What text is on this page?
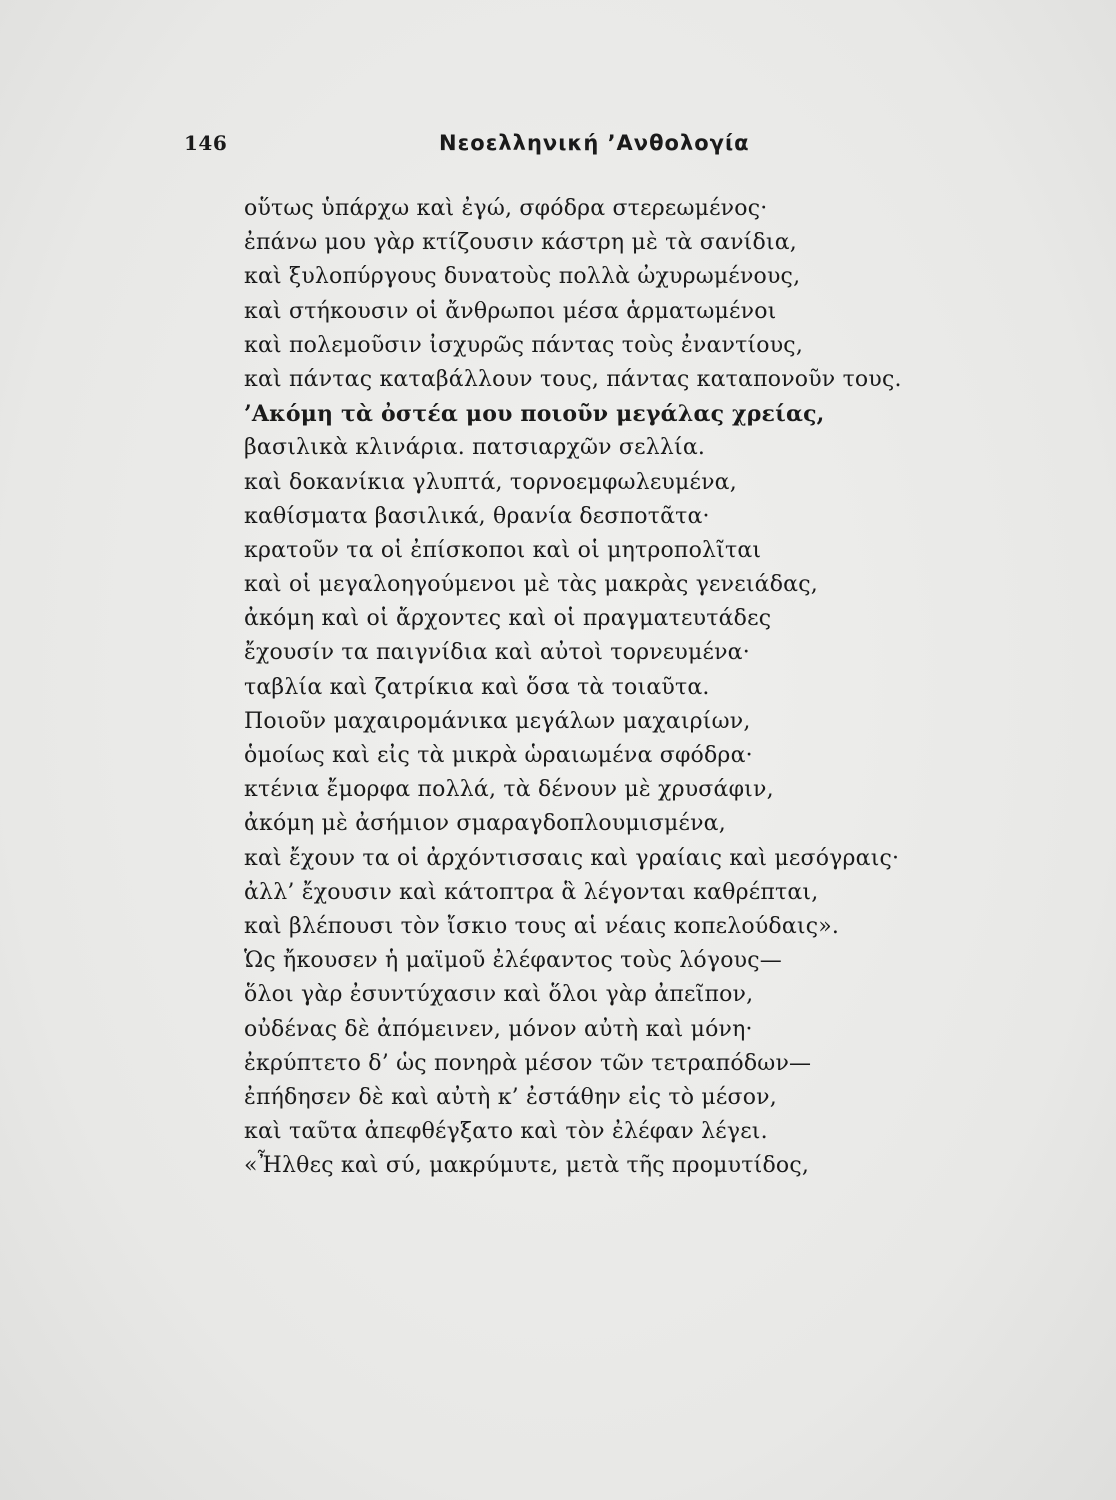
146	Νεοελληνική ’Ανθολογία
οὕτως ὑπάρχω καὶ ἐγώ, σφόδρα στερεωμένος·
ἐπάνω μου γὰρ κτίζουσιν κάστρη μὲ τὰ σανίδια,
καὶ ξυλοπύργους δυνατοὺς πολλὰ ὠχυρωμένους,
καὶ στήκουσιν οἱ ἄνθρωποι μέσα ἁρματωμένοι
καὶ πολεμοῦσιν ἰσχυρῶς πάντας τοὺς ἐναντίους,
καὶ πάντας καταβάλλουν τους, πάντας καταπονοῦν τους.
’Ακόμη τὰ ὀστέα μου ποιοῦν μεγάλας χρείας,
βασιλικὰ κλινάρια. πατσιαρχῶν σελλία.
καὶ δοκανίκια γλυπτά, τορνοεμφωλευμένα,
καθίσματα βασιλικά, θρανία δεσποτᾶτα·
κρατοῦν τα οἱ ἐπίσκοποι καὶ οἱ μητροπολῖται
καὶ οἱ μεγαλοηγούμενοι μὲ τὰς μακρὰς γενειάδας,
ἀκόμη καὶ οἱ ἄρχοντες καὶ οἱ πραγματευτάδες
ἔχουσίν τα παιγνίδια καὶ αὐτοὶ τορνευμένα·
ταβλία καὶ ζατρίκια καὶ ὅσα τὰ τοιαῦτα.
Ποιοῦν μαχαιρομάνικα μεγάλων μαχαιρίων,
ὁμοίως καὶ εἰς τὰ μικρὰ ὡραιωμένα σφόδρα·
κτένια ἔμορφα πολλά, τὰ δένουν μὲ χρυσάφιν,
ἀκόμη μὲ ἀσήμιον σμαραγδοπλουμισμένα,
καὶ ἔχουν τα οἱ ἀρχόντισσαις καὶ γραίαις καὶ μεσόγραις·
ἀλλ’ ἔχουσιν καὶ κάτοπτρα ἃ λέγονται καθρέπται,
καὶ βλέπουσι τὸν ἴσκιο τους αἱ νέαις κοπελούδαις».
Ὡς ἤκουσεν ἡ μαϊμοῦ ἐλέφαντος τοὺς λόγους—
ὅλοι γὰρ ἐσυντύχασιν καὶ ὅλοι γὰρ ἀπεῖπον,
οὐδένας δὲ ἀπόμεινεν, μόνον αὐτὴ καὶ μόνη·
ἐκρύπτετο δ’ ὡς πονηρὰ μέσον τῶν τετραπόδων—
ἐπήδησεν δὲ καὶ αὐτὴ κ’ ἐστάθην εἰς τὸ μέσον,
καὶ ταῦτα ἀπεφθέγξατο καὶ τὸν ἐλέφαν λέγει.
«Ἦλθες καὶ σύ, μακρύμυτε, μετὰ τῆς προμυτίδος,
